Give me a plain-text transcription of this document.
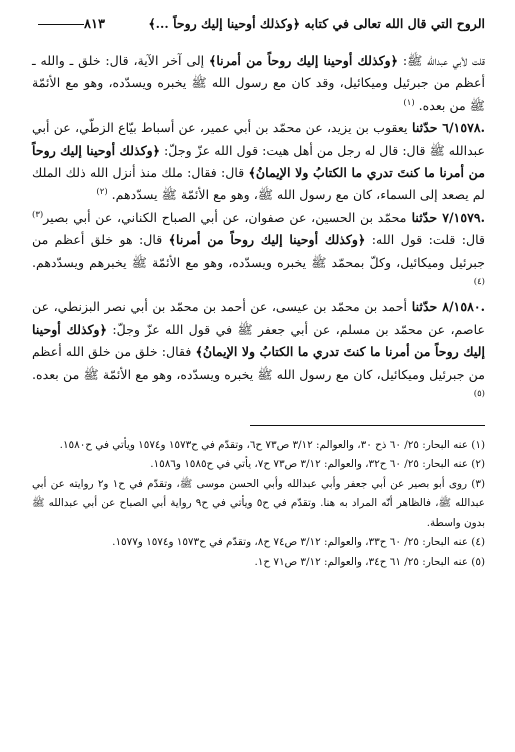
الروح التي قال الله تعالى في كتابه ﴿وكذلك أوحينا إليك روحاً ...﴾
٨١٣

قلت لأبي عبدالله ﷺ: ﴿وكذلك أوحينا إليك روحاً من أمرنا﴾ إلى آخر الآية، قال: خلق ـ والله ـ أعظم من جبرئيل وميكائيل، وقد كان مع رسول الله ﷺ يخبره ويسدّده، وهو مع الأئمّة ﷺ من بعده. $^{(١)}$

٦/١٥٧٨. حدّثنا يعقوب بن يزيد، عن محمّد بن أبي عمير، عن أسباط بيّاع الزطّي، عن أبي عبدالله ﷺ قال: قال له رجل من أهل هيت: قول الله عزّ وجلّ: ﴿وكذلك أوحينا إليك روحاً من أمرنا ما كنتَ تدري ما الكتابُ ولا الإيمانُ﴾ قال: فقال: ملك منذ أنزل الله ذلك الملك لم يصعد إلى السماء، كان مع رسول الله ﷺ، وهو مع الأئمّة ﷺ يسدّدهم. $^{(٢)}$

٧/١٥٧٩. حدّثنا محمّد بن الحسين، عن صفوان، عن أبي الصباح الكناني، عن أبي بصير$^{(٣)}$ قال: قلت: قول الله: ﴿وكذلك أوحينا إليك روحاً من أمرنا﴾ قال: هو خلق أعظم من جبرئيل وميكائيل، وكلّ بمحمّد ﷺ يخبره ويسدّده، وهو مع الأئمّة ﷺ يخبرهم ويسدّدهم. $^{(٤)}$

٨/١٥٨٠. حدّثنا أحمد بن محمّد بن عيسى، عن أحمد بن محمّد بن أبي نصر البزنطي، عن عاصم، عن محمّد بن مسلم، عن أبي جعفر ﷺ في قول الله عزّ وجلّ: ﴿وكذلك أوحينا إليك روحاً من أمرنا ما كنتَ تدري ما الكتابُ ولا الإيمانُ﴾ فقال: خلق من خلق الله أعظم من جبرئيل وميكائيل، كان مع رسول الله ﷺ يخبره ويسدّده، وهو مع الأئمّة ﷺ من بعده. $^{(٥)}$

(١) عنه البحار: ٢٥/ ٦٠ ذح ٣٠، والعوالم: ٣/١٢ ص٧٣ ح٦، وتقدّم في ح١٥٧٣ و١٥٧٤ ويأتي في ح١٥٨٠.

(٢) عنه البحار: ٢٥/ ٦٠ ح٣٢، والعوالم: ٣/١٢ ص٧٣ ح٧، يأتي في ح١٥٨٥ و١٥٨٦.

(٣) روى أبو بصير عن أبي جعفر وأبي عبدالله وأبي الحسن موسى ﷺ، وتقدّم في ح١ و٢ روايته عن أبي عبدالله ﷺ، فالظاهر أنّه المراد به هنا. وتقدّم في ح٥ ويأتي في ح٩ رواية أبي الصباح عن أبي عبدالله ﷺ بدون واسطة.

(٤) عنه البحار: ٢٥/ ٦٠ ح٣٣، والعوالم: ٣/١٢ ص٧٤ ح٨، وتقدّم في ح١٥٧٣ و١٥٧٤ و١٥٧٧.

(٥) عنه البحار: ٢٥/ ٦١ ح٣٤، والعوالم: ٣/١٢ ص٧١ ح١.
